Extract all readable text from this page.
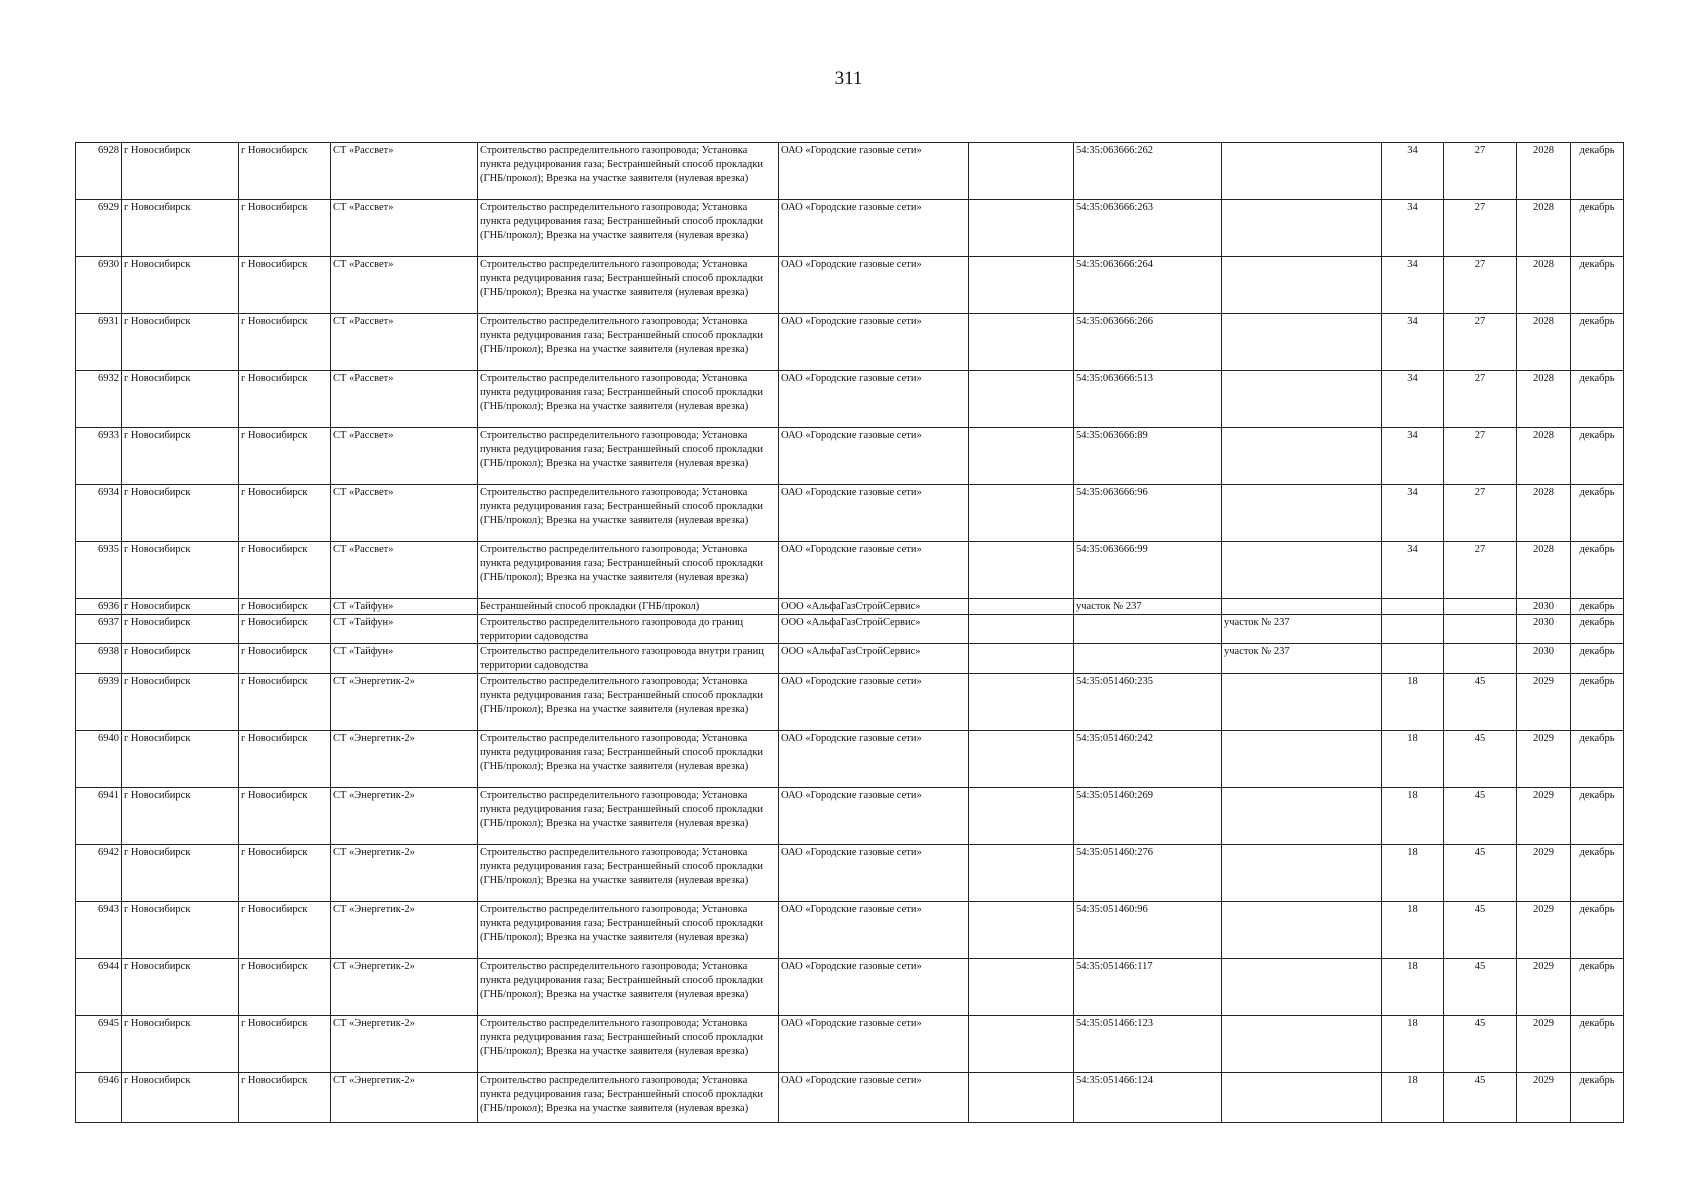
311
6928	г Новосибирск	г Новосибирск	СТ «Рассвет»	Строительство распределительного газопровода; Установка пункта редуцирования газа; Бестраншейный способ прокладки (ГНБ/прокол); Врезка на участке заявителя (нулевая врезка)	ОАО «Городские газовые сети»		54:35:063666:262		34	27	2028	декабрь
6929	г Новосибирск	г Новосибирск	СТ «Рассвет»	Строительство распределительного газопровода; Установка пункта редуцирования газа; Бестраншейный способ прокладки (ГНБ/прокол); Врезка на участке заявителя (нулевая врезка)	ОАО «Городские газовые сети»		54:35:063666:263		34	27	2028	декабрь
6930	г Новосибирск	г Новосибирск	СТ «Рассвет»	Строительство распределительного газопровода; Установка пункта редуцирования газа; Бестраншейный способ прокладки (ГНБ/прокол); Врезка на участке заявителя (нулевая врезка)	ОАО «Городские газовые сети»		54:35:063666:264		34	27	2028	декабрь
6931	г Новосибирск	г Новосибирск	СТ «Рассвет»	Строительство распределительного газопровода; Установка пункта редуцирования газа; Бестраншейный способ прокладки (ГНБ/прокол); Врезка на участке заявителя (нулевая врезка)	ОАО «Городские газовые сети»		54:35:063666:266		34	27	2028	декабрь
6932	г Новосибирск	г Новосибирск	СТ «Рассвет»	Строительство распределительного газопровода; Установка пункта редуцирования газа; Бестраншейный способ прокладки (ГНБ/прокол); Врезка на участке заявителя (нулевая врезка)	ОАО «Городские газовые сети»		54:35:063666:513		34	27	2028	декабрь
6933	г Новосибирск	г Новосибирск	СТ «Рассвет»	Строительство распределительного газопровода; Установка пункта редуцирования газа; Бестраншейный способ прокладки (ГНБ/прокол); Врезка на участке заявителя (нулевая врезка)	ОАО «Городские газовые сети»		54:35:063666:89		34	27	2028	декабрь
6934	г Новосибирск	г Новосибирск	СТ «Рассвет»	Строительство распределительного газопровода; Установка пункта редуцирования газа; Бестраншейный способ прокладки (ГНБ/прокол); Врезка на участке заявителя (нулевая врезка)	ОАО «Городские газовые сети»		54:35:063666:96		34	27	2028	декабрь
6935	г Новосибирск	г Новосибирск	СТ «Рассвет»	Строительство распределительного газопровода; Установка пункта редуцирования газа; Бестраншейный способ прокладки (ГНБ/прокол); Врезка на участке заявителя (нулевая врезка)	ОАО «Городские газовые сети»		54:35:063666:99		34	27	2028	декабрь
6936	г Новосибирск	г Новосибирск	СТ «Тайфун»	Бестраншейный способ прокладки (ГНБ/прокол)	ООО «АльфаГазСтройСервис»		участок № 237				2030	декабрь
6937	г Новосибирск	г Новосибирск	СТ «Тайфун»	Строительство распределительного газопровода до границ территории садоводства	ООО «АльфаГазСтройСервис»			участок № 237			2030	декабрь
6938	г Новосибирск	г Новосибирск	СТ «Тайфун»	Строительство распределительного газопровода внутри границ территории садоводства	ООО «АльфаГазСтройСервис»			участок № 237			2030	декабрь
6939	г Новосибирск	г Новосибирск	СТ «Энергетик-2»	Строительство распределительного газопровода; Установка пункта редуцирования газа; Бестраншейный способ прокладки (ГНБ/прокол); Врезка на участке заявителя (нулевая врезка)	ОАО «Городские газовые сети»		54:35:051460:235		18	45	2029	декабрь
6940	г Новосибирск	г Новосибирск	СТ «Энергетик-2»	Строительство распределительного газопровода; Установка пункта редуцирования газа; Бестраншейный способ прокладки (ГНБ/прокол); Врезка на участке заявителя (нулевая врезка)	ОАО «Городские газовые сети»		54:35:051460:242		18	45	2029	декабрь
6941	г Новосибирск	г Новосибирск	СТ «Энергетик-2»	Строительство распределительного газопровода; Установка пункта редуцирования газа; Бестраншейный способ прокладки (ГНБ/прокол); Врезка на участке заявителя (нулевая врезка)	ОАО «Городские газовые сети»		54:35:051460:269		18	45	2029	декабрь
6942	г Новосибирск	г Новосибирск	СТ «Энергетик-2»	Строительство распределительного газопровода; Установка пункта редуцирования газа; Бестраншейный способ прокладки (ГНБ/прокол); Врезка на участке заявителя (нулевая врезка)	ОАО «Городские газовые сети»		54:35:051460:276		18	45	2029	декабрь
6943	г Новосибирск	г Новосибирск	СТ «Энергетик-2»	Строительство распределительного газопровода; Установка пункта редуцирования газа; Бестраншейный способ прокладки (ГНБ/прокол); Врезка на участке заявителя (нулевая врезка)	ОАО «Городские газовые сети»		54:35:051460:96		18	45	2029	декабрь
6944	г Новосибирск	г Новосибирск	СТ «Энергетик-2»	Строительство распределительного газопровода; Установка пункта редуцирования газа; Бестраншейный способ прокладки (ГНБ/прокол); Врезка на участке заявителя (нулевая врезка)	ОАО «Городские газовые сети»		54:35:051466:117		18	45	2029	декабрь
6945	г Новосибирск	г Новосибирск	СТ «Энергетик-2»	Строительство распределительного газопровода; Установка пункта редуцирования газа; Бестраншейный способ прокладки (ГНБ/прокол); Врезка на участке заявителя (нулевая врезка)	ОАО «Городские газовые сети»		54:35:051466:123		18	45	2029	декабрь
6946	г Новосибирск	г Новосибирск	СТ «Энергетик-2»	Строительство распределительного газопровода; Установка пункта редуцирования газа; Бестраншейный способ прокладки (ГНБ/прокол); Врезка на участке заявителя (нулевая врезка)	ОАО «Городские газовые сети»		54:35:051466:124		18	45	2029	декабрь
